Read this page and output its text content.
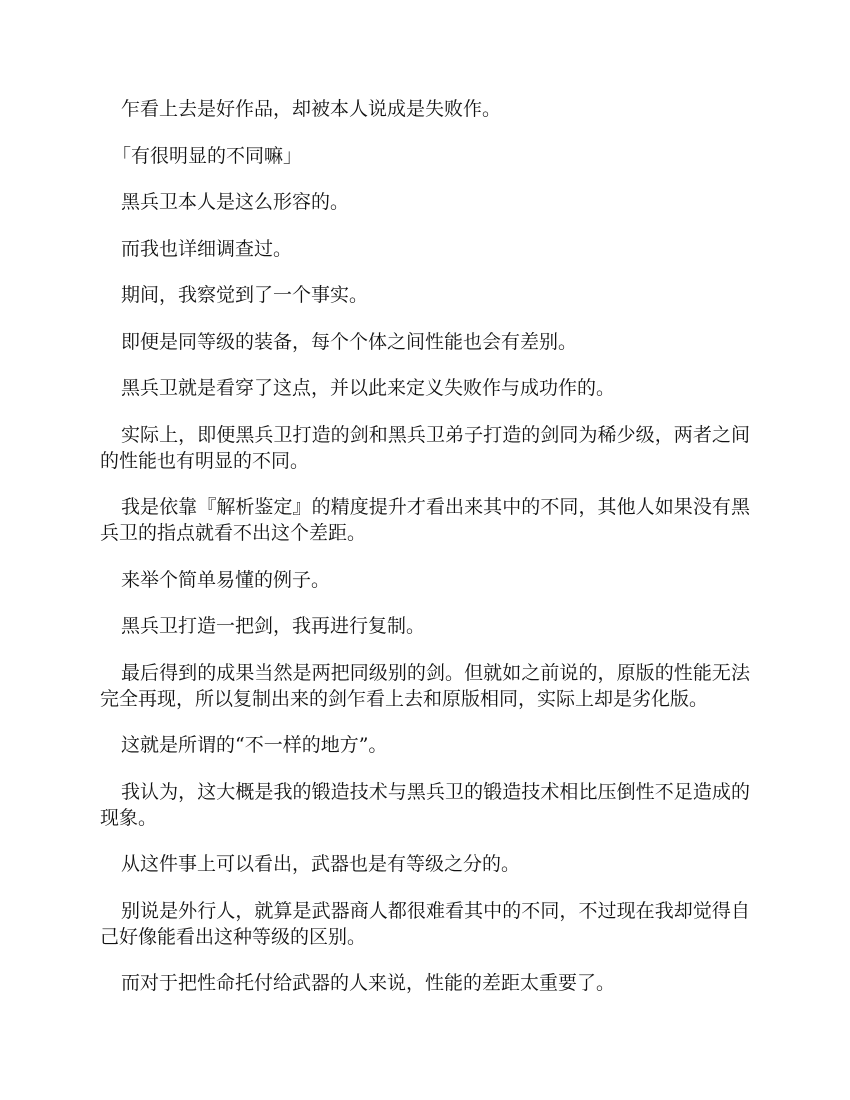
乍看上去是好作品，却被本人说成是失败作。

「有很明显的不同嘛」

黑兵卫本人是这么形容的。

而我也详细调查过。

期间，我察觉到了一个事实。

即便是同等级的装备，每个个体之间性能也会有差别。

黑兵卫就是看穿了这点，并以此来定义失败作与成功作的。

实际上，即便黑兵卫打造的剑和黑兵卫弟子打造的剑同为稀少级，两者之间的性能也有明显的不同。

我是依靠『解析鉴定』的精度提升才看出来其中的不同，其他人如果没有黑兵卫的指点就看不出这个差距。

来举个简单易懂的例子。

黑兵卫打造一把剑，我再进行复制。

最后得到的成果当然是两把同级别的剑。但就如之前说的，原版的性能无法完全再现，所以复制出来的剑乍看上去和原版相同，实际上却是劣化版。

这就是所谓的“不一样的地方”。

我认为，这大概是我的锻造技术与黑兵卫的锻造技术相比压倒性不足造成的现象。

从这件事上可以看出，武器也是有等级之分的。

别说是外行人，就算是武器商人都很难看其中的不同，不过现在我却觉得自己好像能看出这种等级的区别。

而对于把性命托付给武器的人来说，性能的差距太重要了。
